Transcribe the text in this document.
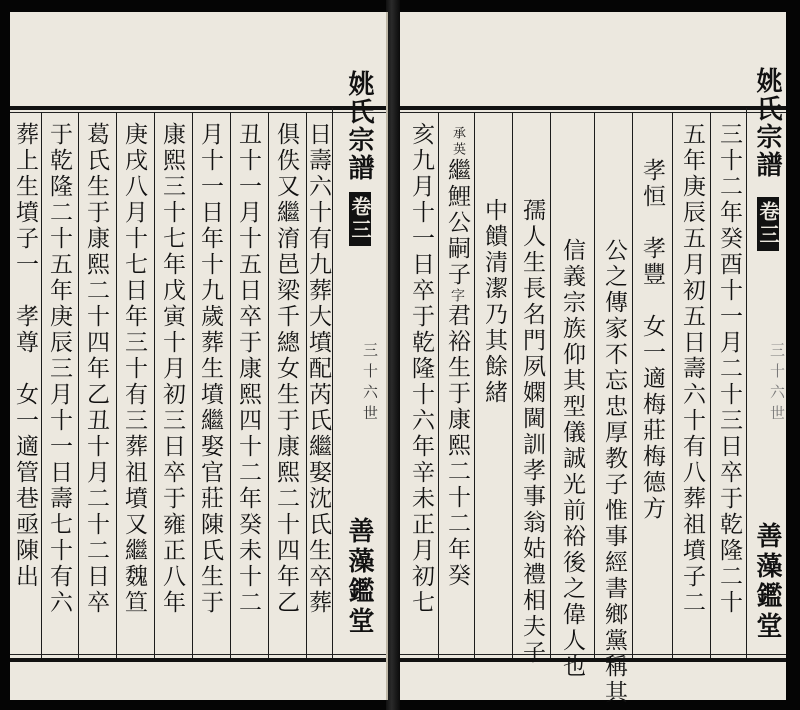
姚氏宗譜
卷三
三十六世
善藻鑑堂
日壽六十有九葬大墳配芮氏繼娶沈氏生卒葬
俱佚又繼淯邑梁千總女生于康熙二十四年乙
丑十一月十五日卒于康熙四十二年癸未十二
月十一日年十九歲葬生墳繼娶官莊陳氏生于
康熙三十七年戊寅十月初三日卒于雍正八年
庚戌八月十七日年三十有三葬祖墳又繼魏笪
葛氏生于康熙二十四年乙丑十月二十二日卒
于乾隆二十五年庚辰三月十一日壽七十有六
葬上生墳子一　孝尊　女一適管巷亟陳出	姚氏宗譜
卷三
三十六世
善藻鑑堂
三十二年癸酉十一月二十三日卒于乾隆二十
五年庚辰五月初五日壽六十有八葬祖墳子二
孝恒　孝豐　女一適梅莊梅德方
公之傳家不忘忠厚教子惟事經書鄉黨稱其
信義宗族仰其型儀誠光前裕後之偉人也
孺人生長名門夙嫻閫訓孝事翁姑禮相夫子
中饋清潔乃其餘緒
承英繼鯉公嗣子字君裕生于康熙二十二年癸
亥九月十一日卒于乾隆十六年辛未正月初七
